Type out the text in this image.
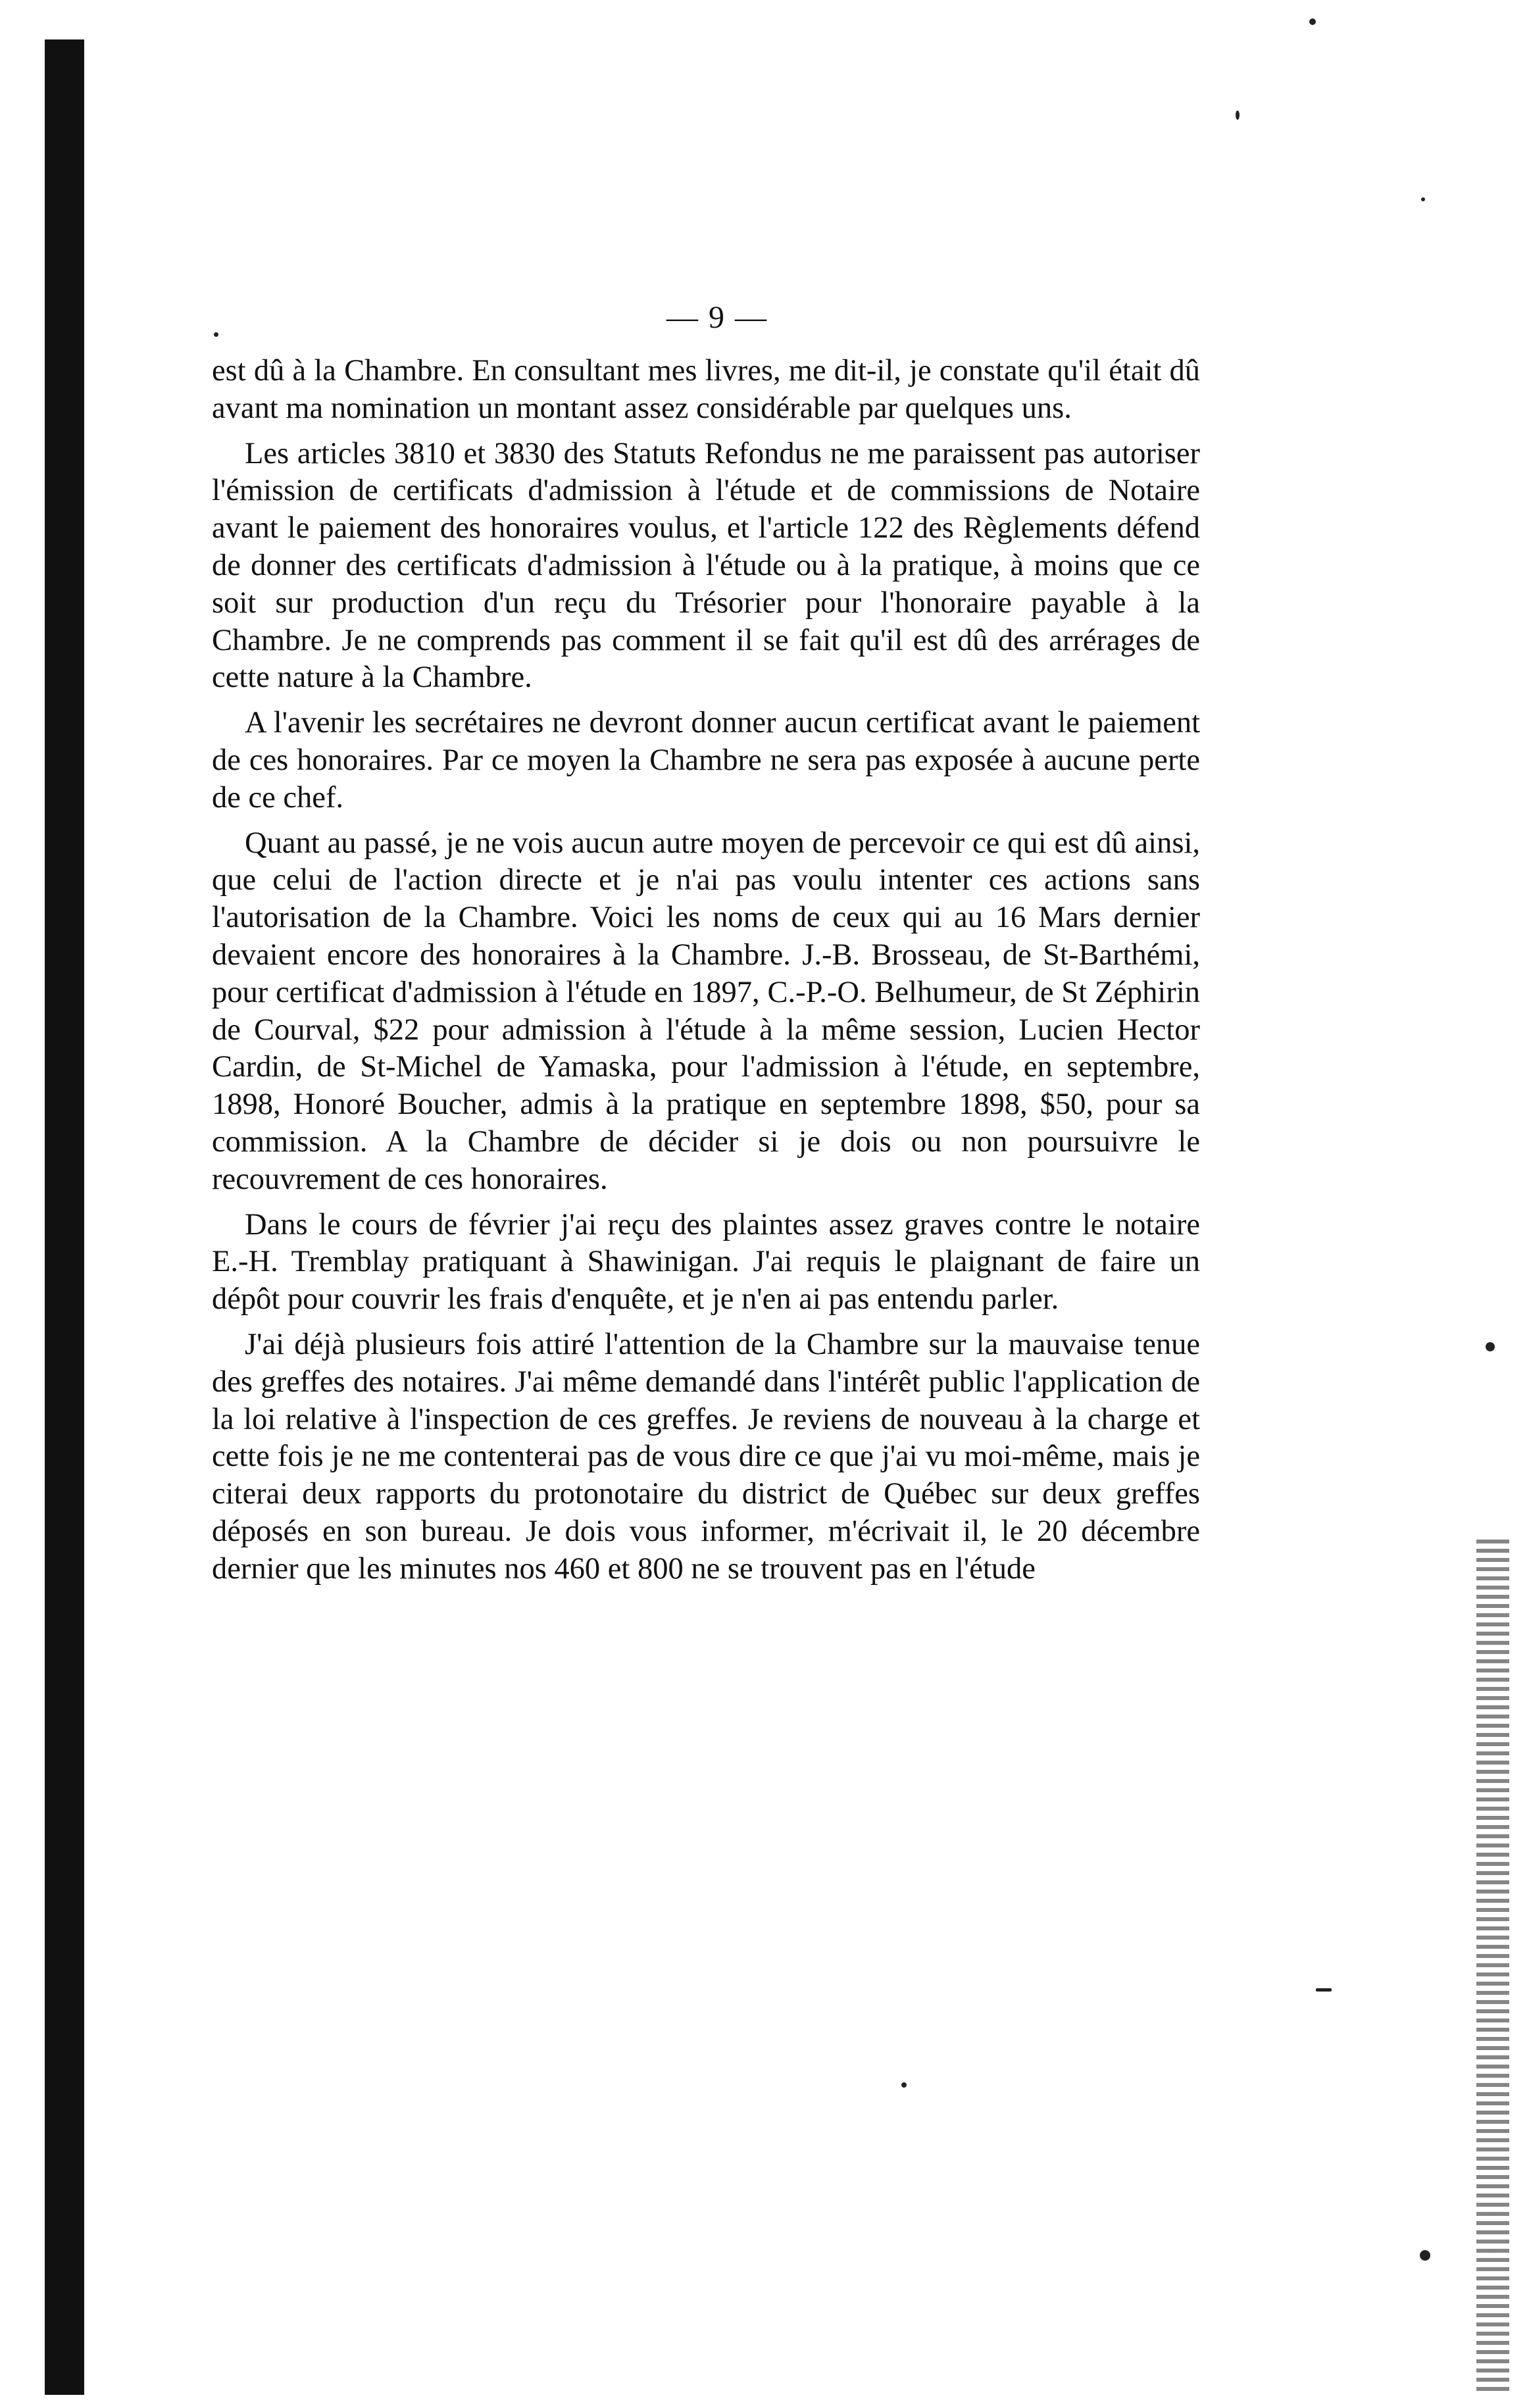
— 9 —

est dû à la Chambre. En consultant mes livres, me dit-il, je constate qu'il était dû avant ma nomination un montant assez considérable par quelques uns.

Les articles 3810 et 3830 des Statuts Refondus ne me paraissent pas autoriser l'émission de certificats d'admission à l'étude et de commissions de Notaire avant le paiement des honoraires voulus, et l'article 122 des Règlements défend de donner des certificats d'admission à l'étude ou à la pratique, à moins que ce soit sur production d'un reçu du Trésorier pour l'honoraire payable à la Chambre. Je ne comprends pas comment il se fait qu'il est dû des arrérages de cette nature à la Chambre.

A l'avenir les secrétaires ne devront donner aucun certificat avant le paiement de ces honoraires. Par ce moyen la Chambre ne sera pas exposée à aucune perte de ce chef.

Quant au passé, je ne vois aucun autre moyen de percevoir ce qui est dû ainsi, que celui de l'action directe et je n'ai pas voulu intenter ces actions sans l'autorisation de la Chambre. Voici les noms de ceux qui au 16 Mars dernier devaient encore des honoraires à la Chambre. J.-B. Brosseau, de St-Barthémi, pour certificat d'admission à l'étude en 1897, C.-P.-O. Belhumeur, de St Zéphirin de Courval, $22 pour admission à l'étude à la même session, Lucien Hector Cardin, de St-Michel de Yamaska, pour l'admission à l'étude, en septembre, 1898, Honoré Boucher, admis à la pratique en septembre 1898, $50, pour sa commission. A la Chambre de décider si je dois ou non poursuivre le recouvrement de ces honoraires.

Dans le cours de février j'ai reçu des plaintes assez graves contre le notaire E.-H. Tremblay pratiquant à Shawinigan. J'ai requis le plaignant de faire un dépôt pour couvrir les frais d'enquête, et je n'en ai pas entendu parler.

J'ai déjà plusieurs fois attiré l'attention de la Chambre sur la mauvaise tenue des greffes des notaires. J'ai même demandé dans l'intérêt public l'application de la loi relative à l'inspection de ces greffes. Je reviens de nouveau à la charge et cette fois je ne me contenterai pas de vous dire ce que j'ai vu moi-même, mais je citerai deux rapports du protonotaire du district de Québec sur deux greffes déposés en son bureau. Je dois vous informer, m'écrivait il, le 20 décembre dernier que les minutes nos 460 et 800 ne se trouvent pas en l'étude
